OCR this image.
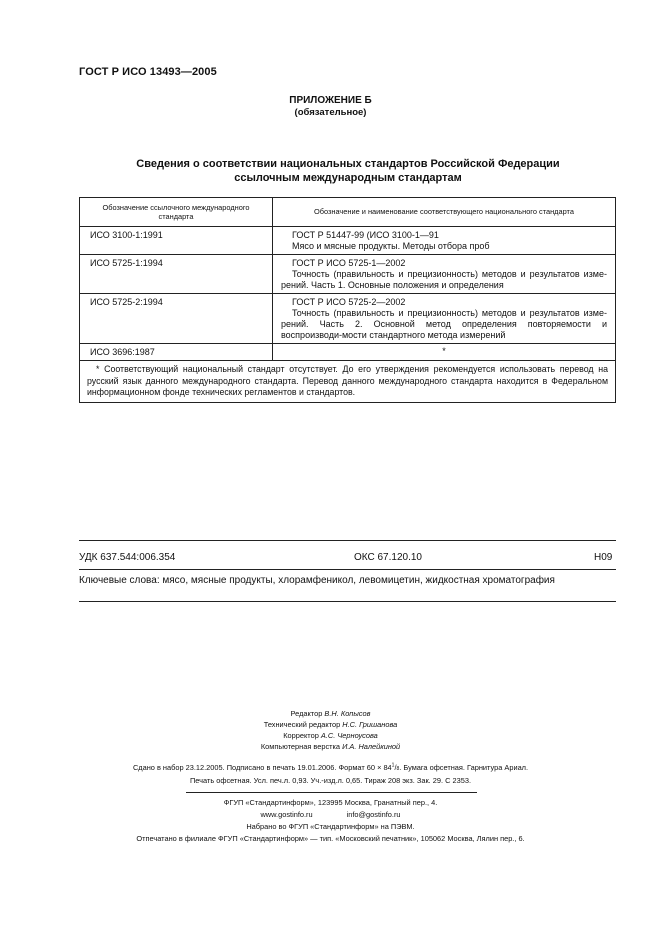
ГОСТ Р ИСО 13493—2005
ПРИЛОЖЕНИЕ Б
(обязательное)
Сведения о соответствии национальных стандартов Российской Федерации
ссылочным международным стандартам
Обозначение ссылочного международного стандарта	Обозначение и наименование соответствующего национального стандарта
ИСО 3100-1:1991	ГОСТ Р 51447-99 (ИСО 3100-1—91
Мясо и мясные продукты. Методы отбора проб

ИСО 5725-1:1994	ГОСТ Р ИСО 5725-1—2002
Точность (правильность и прецизионность) методов и результатов изме-рений. Часть 1. Основные положения и определения

ИСО 5725-2:1994	ГОСТ Р ИСО 5725-2—2002
Точность (правильность и прецизионность) методов и результатов изме-рений. Часть 2. Основной метод определения повторяемости и воспроизводи-мости стандартного метода измерений

ИСО 3696:1987	*
* Соответствующий национальный стандарт отсутствует. До его утверждения рекомендуется использовать перевод на русский язык данного международного стандарта. Перевод данного международного стандарта находится в Федеральном информационном фонде технических регламентов и стандартов.	
УДК 637.544:006.354	ОКС 67.120.10	Н09
Ключевые слова: мясо, мясные продукты, хлорамфеникол, левомицетин, жидкостная хроматография
Редактор В.Н. Копысов
Технический редактор Н.С. Гришанова
Корректор А.С. Черноусова
Компьютерная верстка И.А. Налейкиной
Сдано в набор 23.12.2005. Подписано в печать 19.01.2006. Формат $60 \times 84^1/8$. Бумага офсетная. Гарнитура Ариал.
Печать офсетная. Усл. печ.л. 0,93. Уч.-изд.л. 0,65. Тираж 208 экз. Зак. 29. С 2353.
ФГУП «Стандартинформ», 123995 Москва, Гранатный пер., 4.
www.gostinfo.ru	info@gostinfo.ru
Набрано во ФГУП «Стандартинформ» на ПЭВМ.
Отпечатано в филиале ФГУП «Стандартинформ» — тип. «Московский печатник», 105062 Москва, Лялин пер., 6.
